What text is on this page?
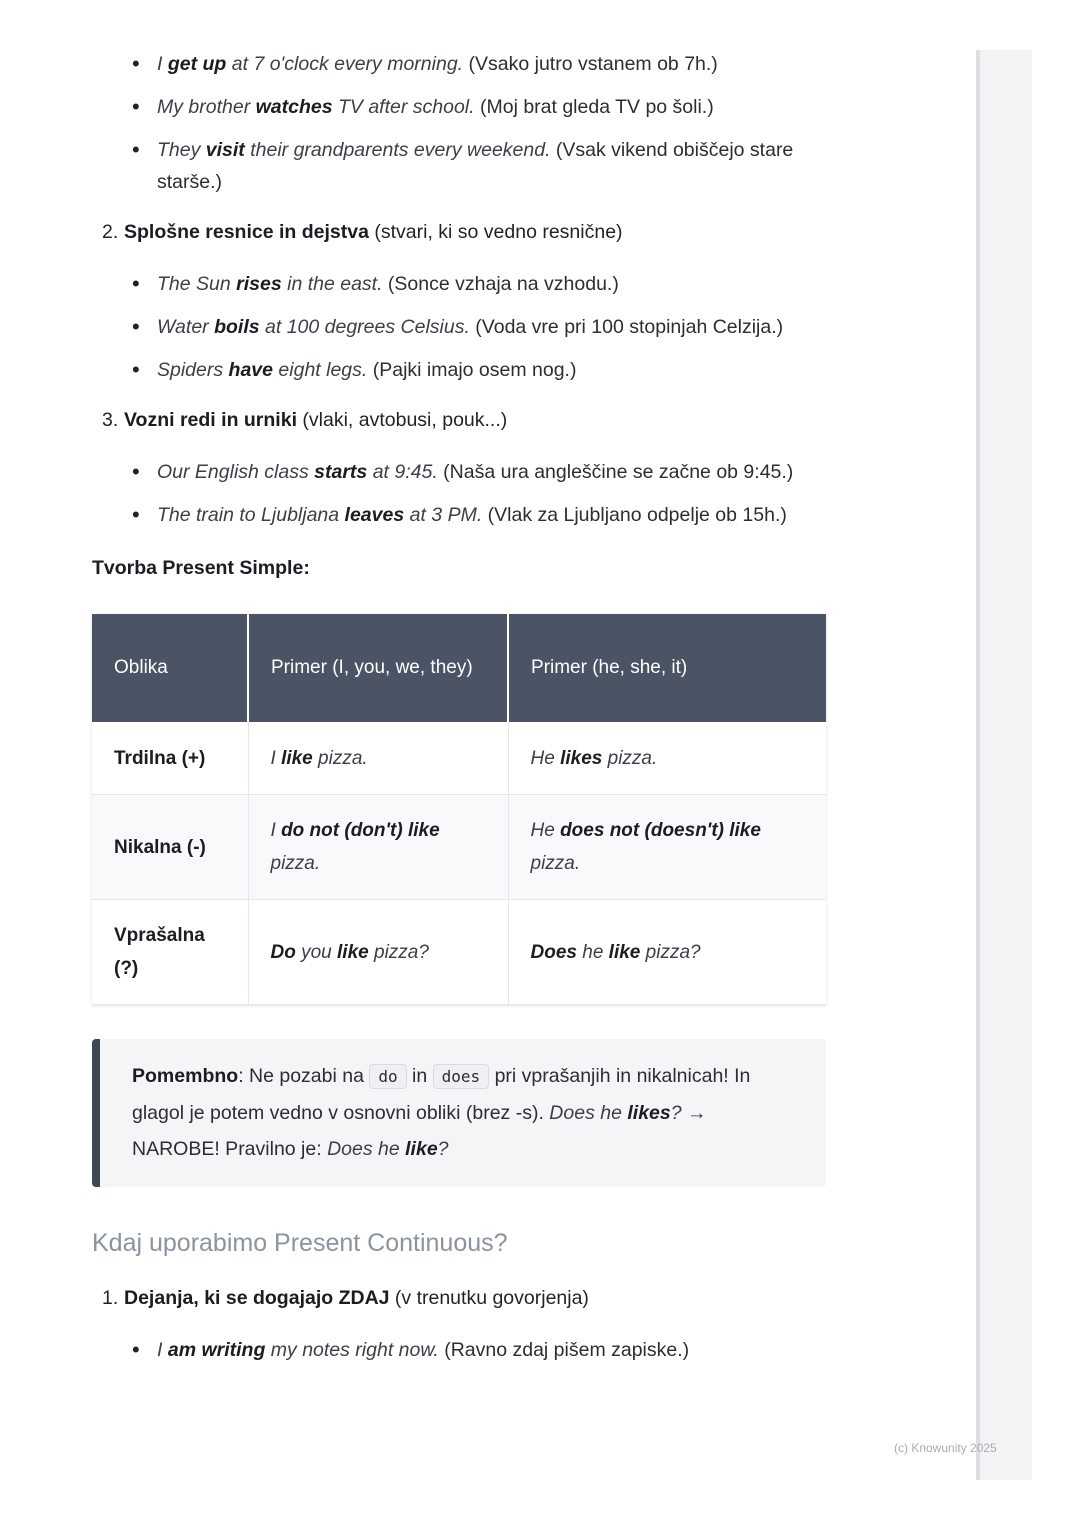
• I get up at 7 o'clock every morning. (Vsako jutro vstanem ob 7h.)
• My brother watches TV after school. (Moj brat gleda TV po šoli.)
• They visit their grandparents every weekend. (Vsak vikend obiščejo stare starše.)
2. Splošne resnice in dejstva (stvari, ki so vedno resnične)
• The Sun rises in the east. (Sonce vzhaja na vzhodu.)
• Water boils at 100 degrees Celsius. (Voda vre pri 100 stopinjah Celzija.)
• Spiders have eight legs. (Pajki imajo osem nog.)
3. Vozni redi in urniki (vlaki, avtobusi, pouk...)
• Our English class starts at 9:45. (Naša ura angleščine se začne ob 9:45.)
• The train to Ljubljana leaves at 3 PM. (Vlak za Ljubljano odpelje ob 15h.)
Tvorba Present Simple:
Oblika	Primer (I, you, we, they)	Primer (he, she, it)
Trdilna (+)	I like pizza.	He likes pizza.
Nikalna (-)	I do not (don't) like pizza.	He does not (doesn't) like pizza.
Vprašalna (?)	Do you like pizza?	Does he like pizza?
Pomembno: Ne pozabi na do in does pri vprašanjih in nikalnicah! In glagol je potem vedno v osnovni obliki (brez -s). Does he likes? → NAROBE! Pravilno je: Does he like?
Kdaj uporabimo Present Continuous?
1. Dejanja, ki se dogajajo ZDAJ (v trenutku govorjenja)
• I am writing my notes right now. (Ravno zdaj pišem zapiske.)
(c) Knowunity 2025
